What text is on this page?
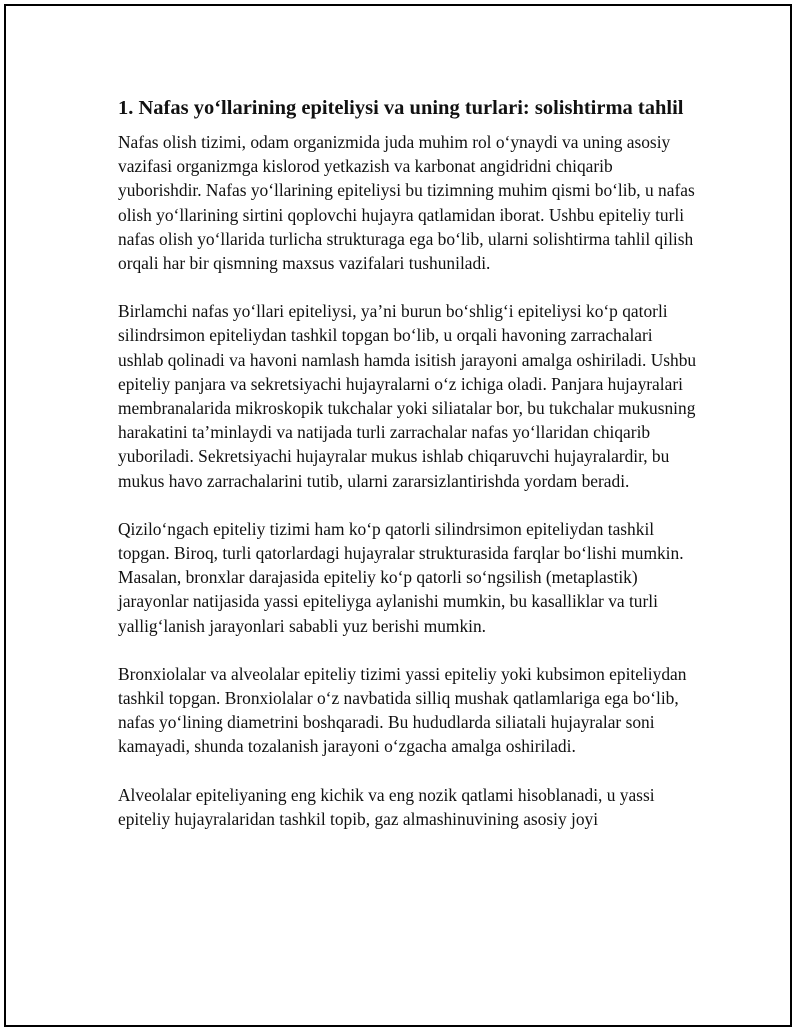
1. Nafas yo‘llarining epiteliysi va uning turlari: solishtirma tahlil

Nafas olish tizimi, odam organizmida juda muhim rol o‘ynaydi va uning asosiy vazifasi organizmga kislorod yetkazish va karbonat angidridni chiqarib yuborishdir. Nafas yo‘llarining epiteliysi bu tizimning muhim qismi bo‘lib, u nafas olish yo‘llarining sirtini qoplovchi hujayra qatlamidan iborat. Ushbu epiteliy turli nafas olish yo‘llarida turlicha strukturaga ega bo‘lib, ularni solishtirma tahlil qilish orqali har bir qismning maxsus vazifalari tushuniladi.

Birlamchi nafas yo‘llari epiteliysi, ya’ni burun bo‘shlig‘i epiteliysi ko‘p qatorli silindrsimon epiteliydan tashkil topgan bo‘lib, u orqali havoning zarrachalari ushlab qolinadi va havoni namlash hamda isitish jarayoni amalga oshiriladi. Ushbu epiteliy panjara va sekretsiyachi hujayralarni o‘z ichiga oladi. Panjara hujayralari membranalarida mikroskopik tukchalar yoki siliatalar bor, bu tukchalar mukusning harakatini ta’minlaydi va natijada turli zarrachalar nafas yo‘llaridan chiqarib yuboriladi. Sekretsiyachi hujayralar mukus ishlab chiqaruvchi hujayralardir, bu mukus havo zarrachalarini tutib, ularni zararsizlantirishda yordam beradi.

Qizilo‘ngach epiteliy tizimi ham ko‘p qatorli silindrsimon epiteliydan tashkil topgan. Biroq, turli qatorlardagi hujayralar strukturasida farqlar bo‘lishi mumkin. Masalan, bronxlar darajasida epiteliy ko‘p qatorli so‘ngsilish (metaplastik) jarayonlar natijasida yassi epiteliyga aylanishi mumkin, bu kasalliklar va turli yallig‘lanish jarayonlari sababli yuz berishi mumkin.

Bronxiolalar va alveolalar epiteliy tizimi yassi epiteliy yoki kubsimon epiteliydan tashkil topgan. Bronxiolalar o‘z navbatida silliq mushak qatlamlariga ega bo‘lib, nafas yo‘lining diametrini boshqaradi. Bu hududlarda siliatali hujayralar soni kamayadi, shunda tozalanish jarayoni o‘zgacha amalga oshiriladi.

Alveolalar epiteliyaning eng kichik va eng nozik qatlami hisoblanadi, u yassi epiteliy hujayralaridan tashkil topib, gaz almashinuvining asosiy joyi
